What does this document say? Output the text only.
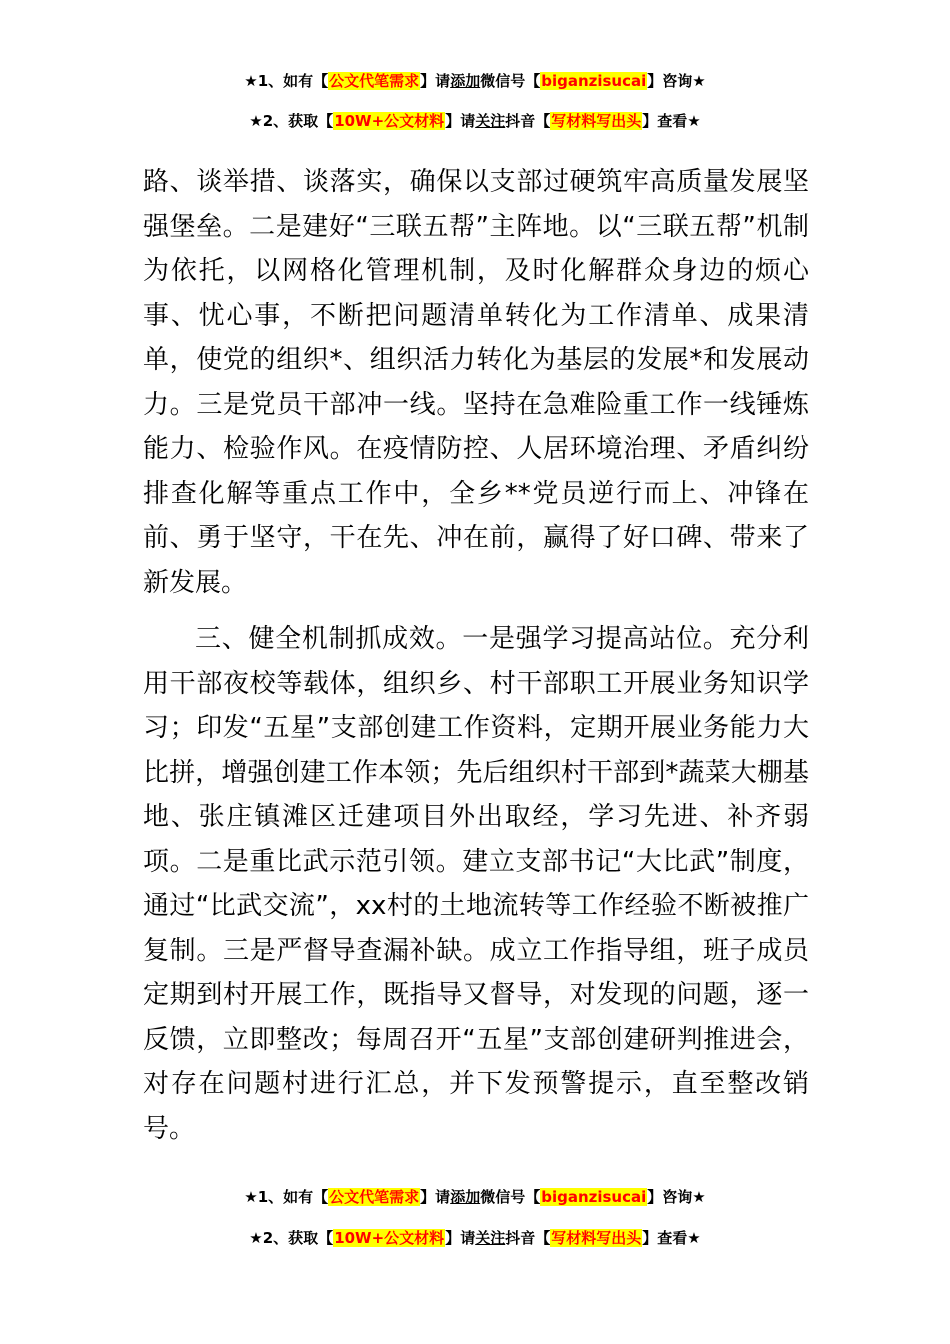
★1、如有【公文代笔需求】请添加微信号【biganzisucai】咨询★
★2、获取【10W+公文材料】请关注抖音【写材料写出头】查看★

路、谈举措、谈落实，确保以支部过硬筑牢高质量发展坚强堡垒。二是建好“三联五帮”主阵地。以“三联五帮”机制为依托，以网格化管理机制，及时化解群众身边的烦心事、忧心事，不断把问题清单转化为工作清单、成果清单，使党的组织*、组织活力转化为基层的发展*和发展动力。三是党员干部冲一线。坚持在急难险重工作一线锤炼能力、检验作风。在疫情防控、人居环境治理、矛盾纠纷排查化解等重点工作中，全乡**党员逆行而上、冲锋在前、勇于坚守，干在先、冲在前，赢得了好口碑、带来了新发展。

三、健全机制抓成效。一是强学习提高站位。充分利用干部夜校等载体，组织乡、村干部职工开展业务知识学习；印发“五星”支部创建工作资料，定期开展业务能力大比拼，增强创建工作本领；先后组织村干部到*蔬菜大棚基地、张庄镇滩区迁建项目外出取经，学习先进、补齐弱项。二是重比武示范引领。建立支部书记“大比武”制度，通过“比武交流”，xx村的土地流转等工作经验不断被推广复制。三是严督导查漏补缺。成立工作指导组，班子成员定期到村开展工作，既指导又督导，对发现的问题，逐一反馈，立即整改；每周召开“五星”支部创建研判推进会，对存在问题村进行汇总，并下发预警提示，直至整改销号。

★1、如有【公文代笔需求】请添加微信号【biganzisucai】咨询★
★2、获取【10W+公文材料】请关注抖音【写材料写出头】查看★
